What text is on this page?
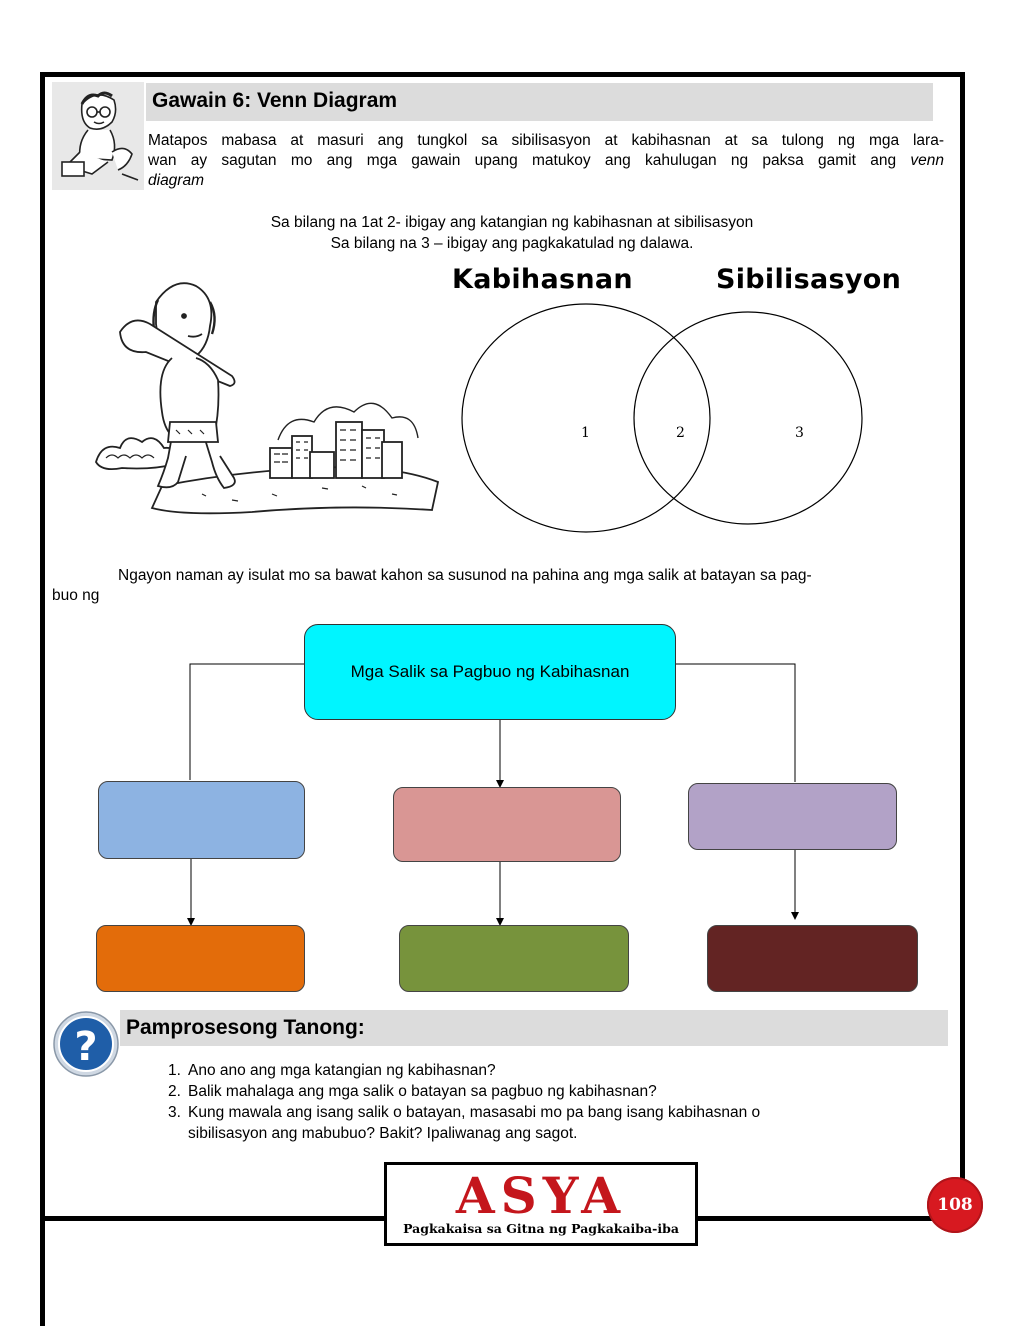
Gawain 6: Venn Diagram
Matapos mabasa at masuri ang tungkol sa sibilisasyon at kabihasnan at sa tulong ng mga lara-
wan ay sagutan mo ang mga gawain upang matukoy ang kahulugan ng paksa gamit ang venn
diagram
Sa bilang na 1at 2- ibigay ang katangian ng kabihasnan at sibilisasyon
Sa bilang na 3 – ibigay ang pagkakatulad ng dalawa.
Kabihasnan	Sibilisasyon
1	2	3
Ngayon naman ay isulat mo sa bawat kahon sa susunod na pahina ang mga salik at batayan sa pag-
buo ng
Mga Salik sa Pagbuo ng Kabihasnan
? Pamprosesong Tanong:
1. Ano ano ang mga katangian ng kabihasnan?
2. Balik mahalaga ang mga salik o batayan sa pagbuo ng kabihasnan?
3. Kung mawala ang isang salik o batayan, masasabi mo pa bang isang kabihasnan o
sibilisasyon ang mabubuo? Bakit? Ipaliwanag ang sagot.
ASYA
Pagkakaisa sa Gitna ng Pagkakaiba-iba
108
